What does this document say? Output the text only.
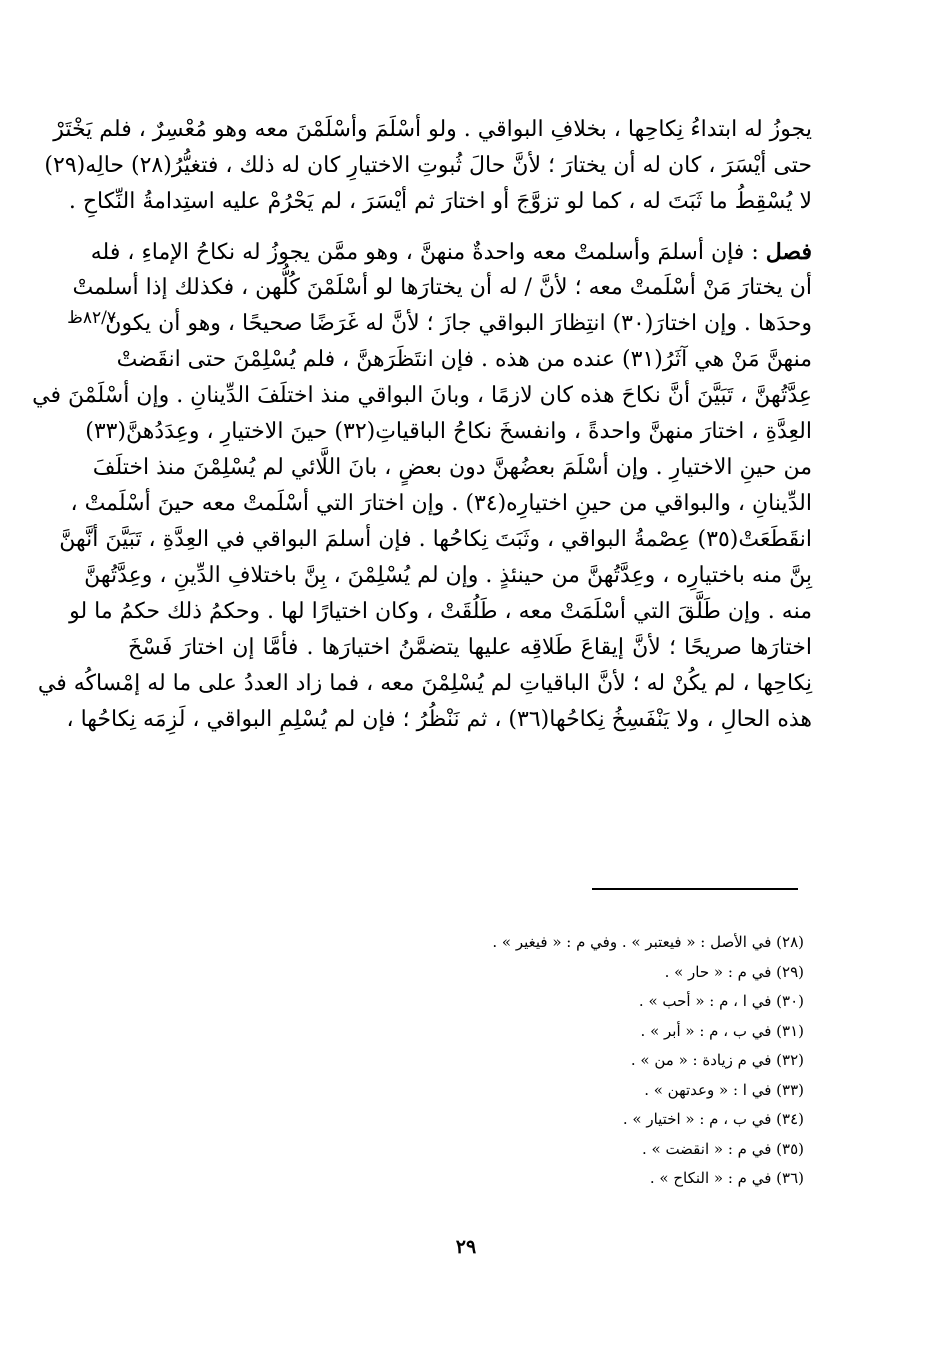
يجوزُ له ابتداءُ نِكاحِها ، بخلافِ البواقي . ولو أسْلَمَ وأسْلَمْنَ معه وهو مُعْسِرٌ ، فلم يَخْتَرْ
حتى أيْسَرَ ، كان له أن يختارَ ؛ لأنَّ حالَ ثُبوتِ الاختيارِ كان له ذلك ، فتغيُّرُ(٢٨) حالِه(٢٩)
لا يُسْقِطُ ما ثَبَتَ له ، كما لو تزوَّجَ أو اختارَ ثم أيْسَرَ ، لم يَحْرُمْ عليه استِدامةُ النِّكاحِ .
فصل : فإن أسلمَ وأسلمتْ معه واحدةٌ منهنَّ ، وهو ممَّن يجوزُ له نكاحُ الإماءِ ، فله
أن يختارَ مَنْ أسْلَمتْ معه ؛ لأنَّ / له أن يختارَها لو أسْلَمْنَ كُلُّهن ، فكذلك إذا أسلمتْ
وحدَها . وإن اختارَ(٣٠) انتِظارَ البواقي جازَ ؛ لأنَّ له غَرَضًا صحيحًا ، وهو أن يكونَ
منهنَّ مَنْ هي آثَرُ(٣١) عنده من هذه . فإن انتَظَرَهنَّ ، فلم يُسْلِمْنَ حتى انقَضتْ
عِدَّتُهنَّ ، تَبَيَّنَ أنَّ نكاحَ هذه كان لازمًا ، وبانَ البواقي منذ اختلَفَ الدِّينانِ . وإن أسْلَمْنَ في
العِدَّةِ ، اختارَ منهنَّ واحدةً ، وانفسخَ نكاحُ الباقياتِ(٣٢) حينَ الاختيارِ ، وعِدَدُهنَّ(٣٣)
من حينِ الاختيارِ . وإن أسْلَمَ بعضُهنَّ دون بعضٍ ، بانَ اللَّائي لم يُسْلِمْنَ منذ اختلَفَ
الدِّينانِ ، والبواقي من حينِ اختيارِه(٣٤) . وإن اختارَ التي أسْلَمتْ معه حينَ أسْلَمتْ ،
انقَطَعَتْ(٣٥) عِصْمةُ البواقي ، وثَبَتَ نِكاحُها . فإن أسلمَ البواقي في العِدَّةِ ، تَبَيَّنَ أنَّهنَّ
بِنَّ منه باختيارِه ، وعِدَّتُهنَّ من حينئذٍ . وإن لم يُسْلِمْنَ ، بِنَّ باختلافِ الدِّينِ ، وعِدَّتُهنَّ
منه . وإن طَلَّقَ التي أسْلَمَتْ معه ، طَلُقَتْ ، وكان اختيارًا لها . وحكمُ ذلك حكمُ ما لو
اختارَها صريحًا ؛ لأنَّ إيقاعَ طَلاقِه عليها يتضمَّنُ اختيارَها . فأمَّا إن اختارَ فَسْخَ
نِكاحِها ، لم يكُنْ له ؛ لأنَّ الباقياتِ لم يُسْلِمْنَ معه ، فما زاد العددُ على ما له إمْساكُه في
هذه الحالِ ، ولا يَنْفَسِخُ نِكاحُها(٣٦) ، ثم نَنْظُرُ ؛ فإن لم يُسْلِمِ البواقي ، لَزِمَه نِكاحُها ،
٨٢/٧ظ
(٢٨) في الأصل : « فيعتبر » . وفي م : « فيغير » .
(٢٩) في م : « حار » .
(٣٠) في ا ، م : « أحب » .
(٣١) في ب ، م : « أبر » .
(٣٢) في م زيادة : « من » .
(٣٣) في ا : « وعدتهن » .
(٣٤) في ب ، م : « اختيار » .
(٣٥) في م : « انقضت » .
(٣٦) في م : « النكاح » .
٢٩
